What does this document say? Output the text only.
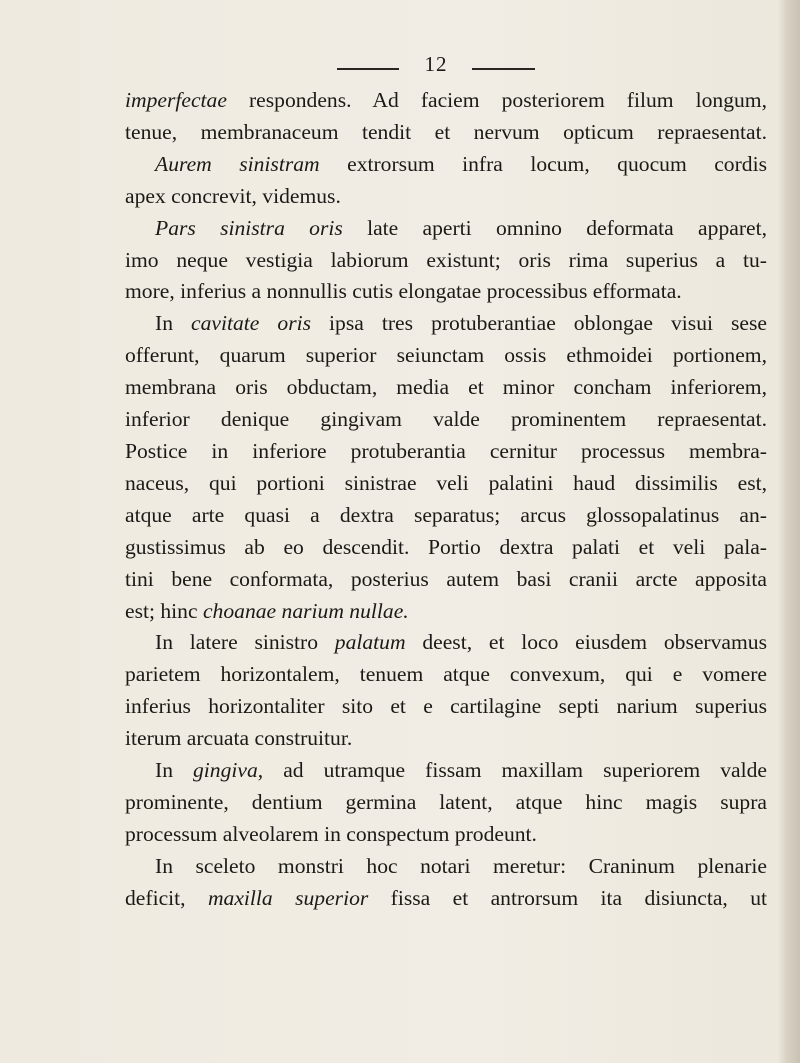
12
imperfectae respondens. Ad faciem posteriorem filum longum,
tenue, membranaceum tendit et nervum opticum repraesentat.
Aurem sinistram extrorsum infra locum, quocum cordis
apex concrevit, videmus.
Pars sinistra oris late aperti omnino deformata apparet,
imo neque vestigia labiorum existunt; oris rima superius a tu-
more, inferius a nonnullis cutis elongatae processibus efformata.
In cavitate oris ipsa tres protuberantiae oblongae visui sese
offerunt, quarum superior seiunctam ossis ethmoidei portionem,
membrana oris obductam, media et minor concham inferiorem,
inferior denique gingivam valde prominentem repraesentat.
Postice in inferiore protuberantia cernitur processus membra-
naceus, qui portioni sinistrae veli palatini haud dissimilis est,
atque arte quasi a dextra separatus; arcus glossopalatinus an-
gustissimus ab eo descendit. Portio dextra palati et veli pala-
tini bene conformata, posterius autem basi cranii arcte apposita
est; hinc choanae narium nullae.
In latere sinistro palatum deest, et loco eiusdem observamus
parietem horizontalem, tenuem atque convexum, qui e vomere
inferius horizontaliter sito et e cartilagine septi narium superius
iterum arcuata construitur.
In gingiva, ad utramque fissam maxillam superiorem valde
prominente, dentium germina latent, atque hinc magis supra
processum alveolarem in conspectum prodeunt.
In sceleto monstri hoc notari meretur: Craninum plenarie
deficit, maxilla superior fissa et antrorsum ita disiuncta, ut
